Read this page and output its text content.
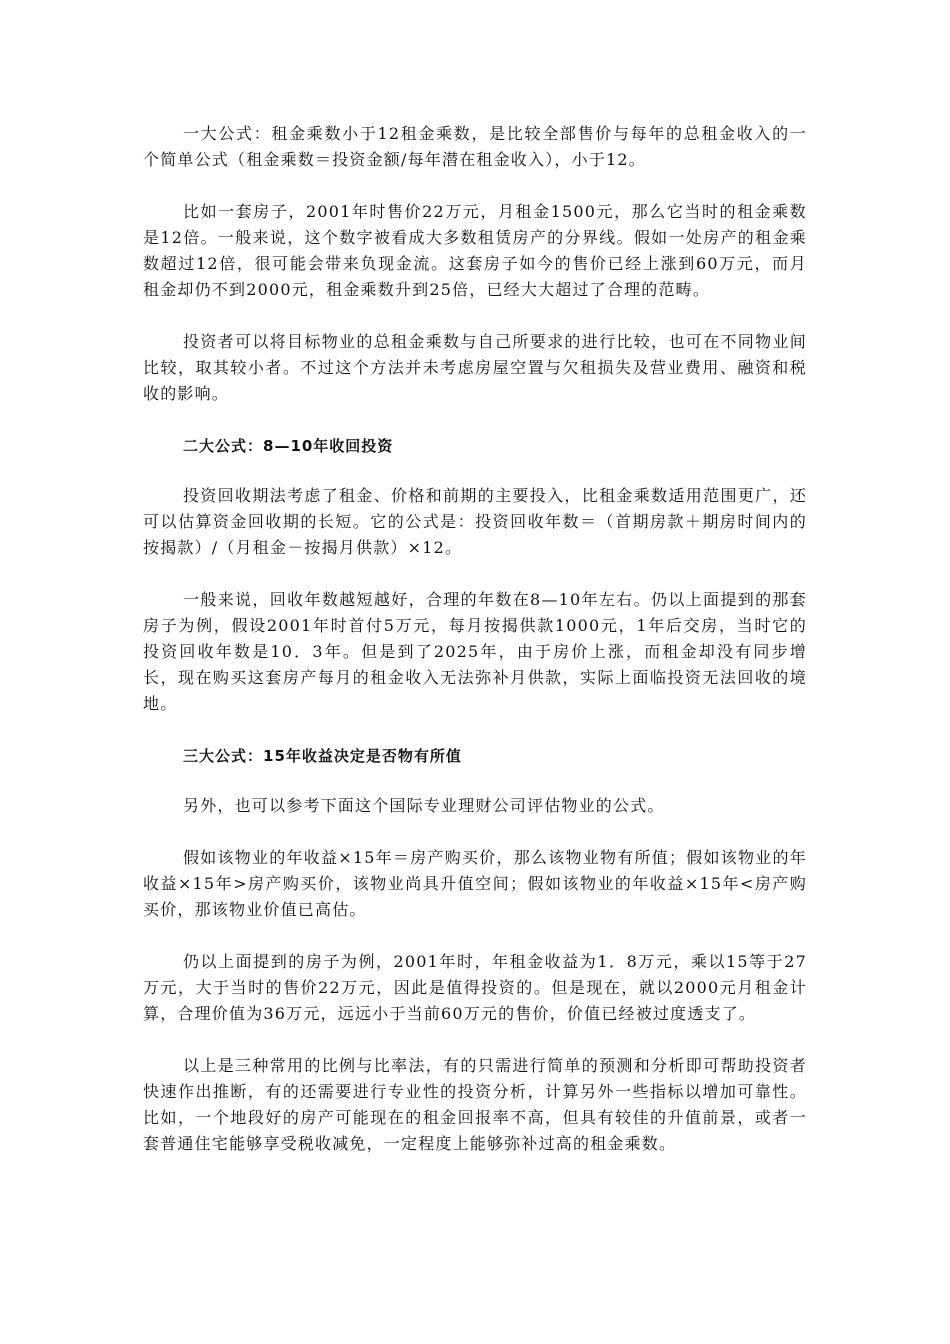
一大公式：租金乘数小于12租金乘数，是比较全部售价与每年的总租金收入的一个简单公式（租金乘数＝投资金额/每年潜在租金收入），小于12。

比如一套房子，2001年时售价22万元，月租金1500元，那么它当时的租金乘数是12倍。一般来说，这个数字被看成大多数租赁房产的分界线。假如一处房产的租金乘数超过12倍，很可能会带来负现金流。这套房子如今的售价已经上涨到60万元，而月租金却仍不到2000元，租金乘数升到25倍，已经大大超过了合理的范畴。

投资者可以将目标物业的总租金乘数与自己所要求的进行比较，也可在不同物业间比较，取其较小者。不过这个方法并未考虑房屋空置与欠租损失及营业费用、融资和税收的影响。

二大公式：8—10年收回投资

投资回收期法考虑了租金、价格和前期的主要投入，比租金乘数适用范围更广，还可以估算资金回收期的长短。它的公式是：投资回收年数＝（首期房款＋期房时间内的按揭款）/（月租金－按揭月供款）×12。

一般来说，回收年数越短越好，合理的年数在8—10年左右。仍以上面提到的那套房子为例，假设2001年时首付5万元，每月按揭供款1000元，1年后交房，当时它的投资回收年数是10．3年。但是到了2025年，由于房价上涨，而租金却没有同步增长，现在购买这套房产每月的租金收入无法弥补月供款，实际上面临投资无法回收的境地。

三大公式：15年收益决定是否物有所值

另外，也可以参考下面这个国际专业理财公司评估物业的公式。

假如该物业的年收益×15年＝房产购买价，那么该物业物有所值；假如该物业的年收益×15年>房产购买价，该物业尚具升值空间；假如该物业的年收益×15年<房产购买价，那该物业价值已高估。

仍以上面提到的房子为例，2001年时，年租金收益为1．8万元，乘以15等于27万元，大于当时的售价22万元，因此是值得投资的。但是现在，就以2000元月租金计算，合理价值为36万元，远远小于当前60万元的售价，价值已经被过度透支了。

以上是三种常用的比例与比率法，有的只需进行简单的预测和分析即可帮助投资者快速作出推断，有的还需要进行专业性的投资分析，计算另外一些指标以增加可靠性。比如，一个地段好的房产可能现在的租金回报率不高，但具有较佳的升值前景，或者一套普通住宅能够享受税收减免，一定程度上能够弥补过高的租金乘数。
